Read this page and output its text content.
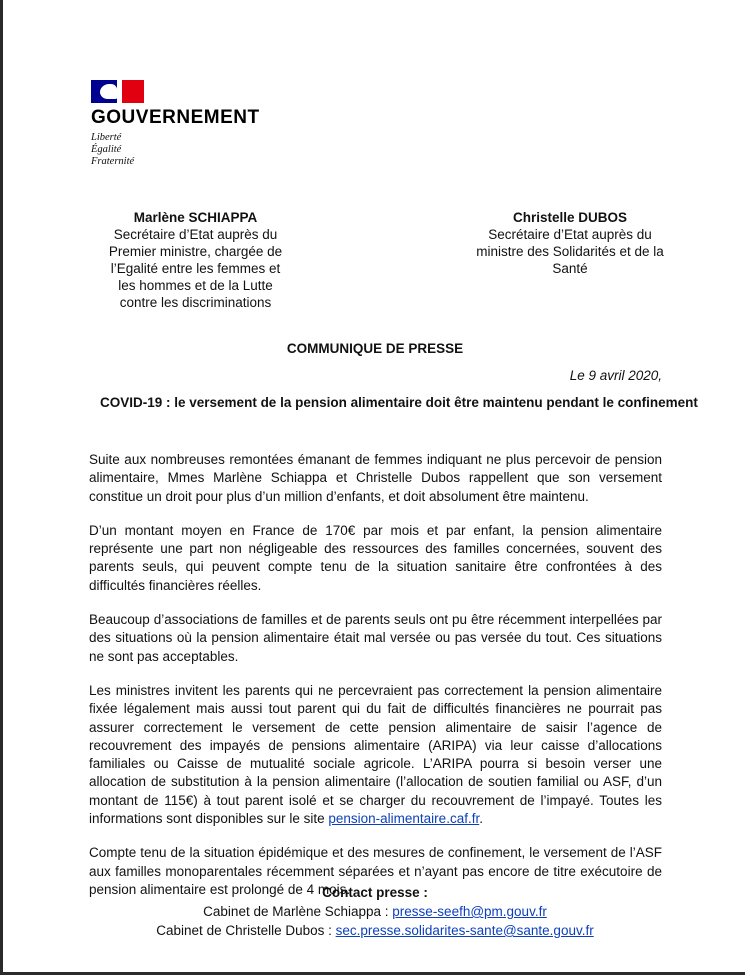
GOUVERNEMENT
Liberté
Égalité
Fraternité
Marlène SCHIAPPA
Secrétaire d’Etat auprès du
Premier ministre, chargée de
l’Egalité entre les femmes et
les hommes et de la Lutte
contre les discriminations
Christelle DUBOS
Secrétaire d’Etat auprès du
ministre des Solidarités et de la
Santé
COMMUNIQUE DE PRESSE
Le 9 avril 2020,
COVID-19 : le versement de la pension alimentaire doit être maintenu pendant le confinement

Suite aux nombreuses remontées émanant de femmes indiquant ne plus percevoir de pension alimentaire, Mmes Marlène Schiappa et Christelle Dubos rappellent que son versement constitue un droit pour plus d’un million d’enfants, et doit absolument être maintenu.

D’un montant moyen en France de 170€ par mois et par enfant, la pension alimentaire représente une part non négligeable des ressources des familles concernées, souvent des parents seuls, qui peuvent compte tenu de la situation sanitaire être confrontées à des difficultés financières réelles.

Beaucoup d’associations de familles et de parents seuls ont pu être récemment interpellées par des situations où la pension alimentaire était mal versée ou pas versée du tout. Ces situations ne sont pas acceptables.

Les ministres invitent les parents qui ne percevraient pas correctement la pension alimentaire fixée légalement mais aussi tout parent qui du fait de difficultés financières ne pourrait pas assurer correctement le versement de cette pension alimentaire de saisir l’agence de recouvrement des impayés de pensions alimentaire (ARIPA) via leur caisse d’allocations familiales ou Caisse de mutualité sociale agricole. L’ARIPA pourra si besoin verser une allocation de substitution à la pension alimentaire (l’allocation de soutien familial ou ASF, d’un montant de 115€) à tout parent isolé et se charger du recouvrement de l’impayé. Toutes les informations sont disponibles sur le site pension-alimentaire.caf.fr.

Compte tenu de la situation épidémique et des mesures de confinement, le versement de l’ASF aux familles monoparentales récemment séparées et n’ayant pas encore de titre exécutoire de pension alimentaire est prolongé de 4 mois.

Contact presse :
Cabinet de Marlène Schiappa : presse-seefh@pm.gouv.fr
Cabinet de Christelle Dubos : sec.presse.solidarites-sante@sante.gouv.fr
